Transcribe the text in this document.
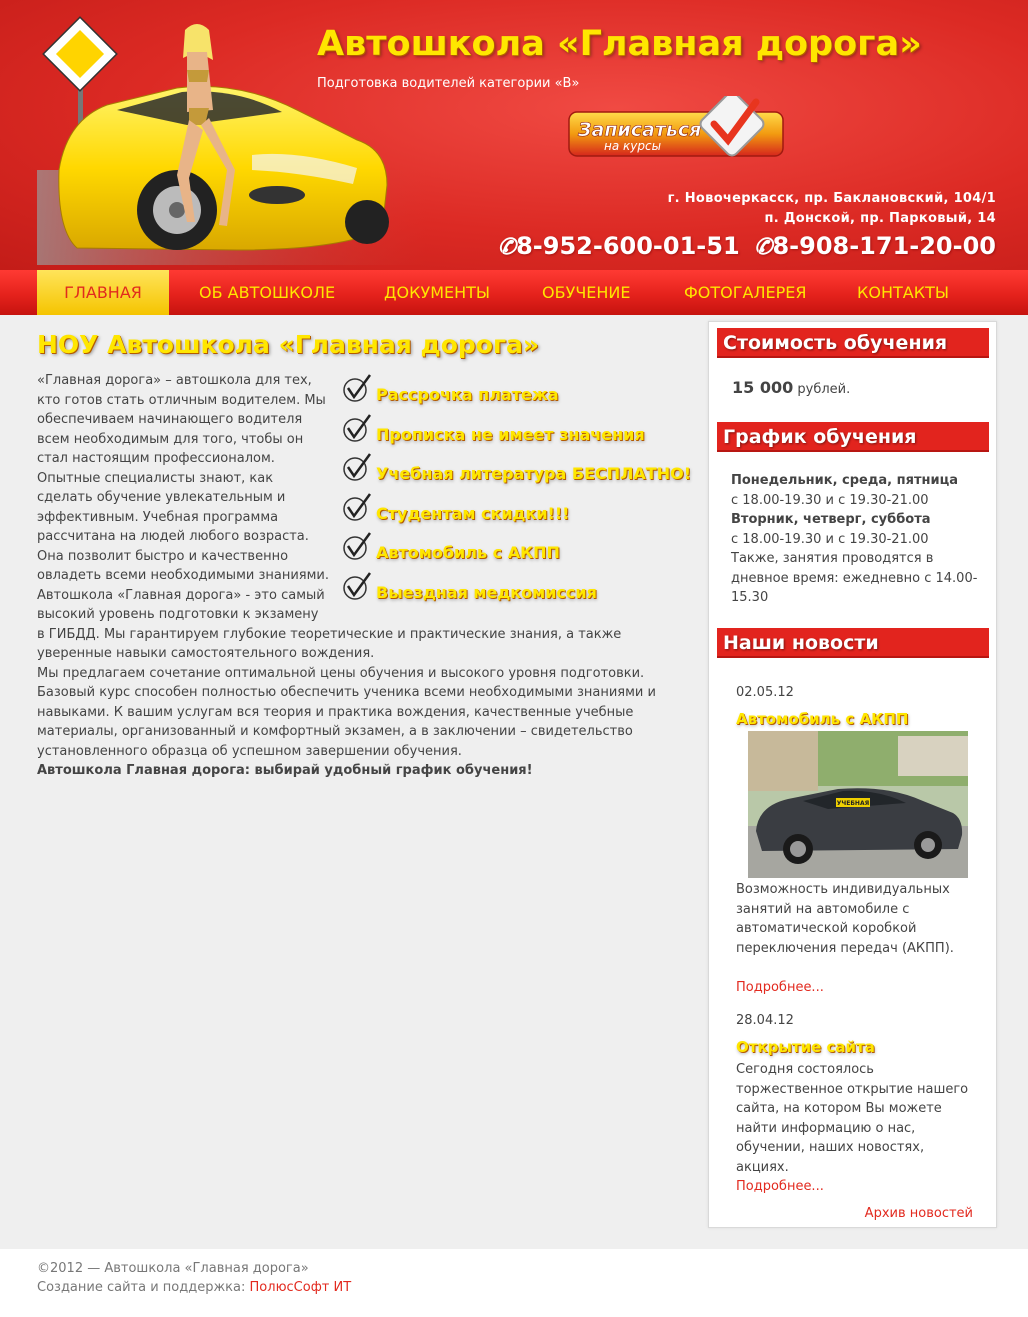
Автошкола «Главная дорога»
Подготовка водителей категории «В»
Записаться
на курсы
г. Новочеркасск, пр. Баклановский, 104/1
п. Донской, пр. Парковый, 14
✆8-952-600-01-51 ✆8-908-171-20-00
ГЛАВНАЯ	ОБ АВТОШКОЛЕ	ДОКУМЕНТЫ	ОБУЧЕНИЕ	ФОТОГАЛЕРЕЯ	КОНТАКТЫ
НОУ Автошкола «Главная дорога»
Рассрочка платежа
Прописка не имеет значения
Учебная литература БЕСПЛАТНО!
Студентам скидки!!!
Автомобиль с АКПП
Выездная медкомиссия

«Главная дорога» – автошкола для тех, кто готов стать отличным водителем. Мы обеспечиваем начинающего водителя всем необходимым для того, чтобы он стал настоящим профессионалом. Опытные специалисты знают, как сделать обучение увлекательным и эффективным. Учебная программа рассчитана на людей любого возраста. Она позволит быстро и качественно овладеть всеми необходимыми знаниями.

Автошкола «Главная дорога» - это самый высокий уровень подготовки к экзамену в ГИБДД. Мы гарантируем глубокие теоретические и практические знания, а также уверенные навыки самостоятельного вождения.

Мы предлагаем сочетание оптимальной цены обучения и высокого уровня подготовки. Базовый курс способен полностью обеспечить ученика всеми необходимыми знаниями и навыками. К вашим услугам вся теория и практика вождения, качественные учебные материалы, организованный и комфортный экзамен, а в заключении – свидетельство установленного образца об успешном завершении обучения.

Автошкола Главная дорога: выбирай удобный график обучения!

Стоимость обучения
15 000 рублей.
График обучения
Понедельник, среда, пятница
с 18.00-19.30 и с 19.30-21.00
Вторник, четверг, суббота
с 18.00-19.30 и с 19.30-21.00
Также, занятия проводятся в дневное время: ежедневно с 14.00-15.30
Наши новости
02.05.12
Автомобиль с АКПП
УЧЕБНАЯ
Возможность индивидуальных занятий на автомобиле с автоматической коробкой переключения передач (АКПП).
Подробнее...
28.04.12
Открытие сайта
Сегодня состоялось торжественное открытие нашего сайта, на котором Вы можете найти информацию о нас, обучении, наших новостях, акциях.
Подробнее...
Архив новостей
©2012 — Автошкола «Главная дорога»
Создание сайта и поддержка: ПолюсСофт ИТ
